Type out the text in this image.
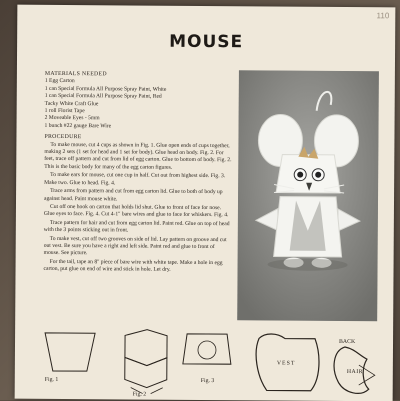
110
MOUSE
MATERIALS NEEDED
1 Egg Carton
1 can Special Formula All Purpose Spray Paint, White
1 can Special Formula All Purpose Spray Paint, Red
Tacky White Craft Glue
1 roll Florist Tape
2 Moveable Eyes - 5mm
1 bunch #22 gauge Bare Wire
PROCEDURE

To make mouse, cut 4 cups as shown in Fig. 1. Glue open ends of cups together, making 2 sets (1 set for head and 1 set for body). Glue head on body. Fig. 2. For feet, trace off pattern and cut from lid of egg carton. Glue to bottom of body. Fig. 2. This is the basic body for many of the egg carton figures.

To make ears for mouse, cut one cup in half. Cut out from highest side. Fig. 3. Make two. Glue to head. Fig. 4.

Trace arms from pattern and cut from egg carton lid. Glue to both of body up against head. Paint mouse white.

Cut off one hook on carton that holds lid shut. Glue to front of face for nose. Glue eyes to face. Fig. 4. Cut 4-1" bare wires and glue to face for whiskers. Fig. 4.

Trace pattern for hair and cut from egg carton lid. Paint red. Glue on top of head with the 3 points sticking out in front.

To make vest, cut off two grooves on side of lid. Lay pattern on groove and cut out vest. Be sure you have a right and left side. Paint red and glue to front of mouse. See picture.

For the tail, tape an 8" piece of bare wire with white tape. Make a hole in egg carton, put glue on end of wire and stick in hole. Let dry.

Fig. 1
Fig. 2
Fig. 3
VEST
BACK
HAIR
